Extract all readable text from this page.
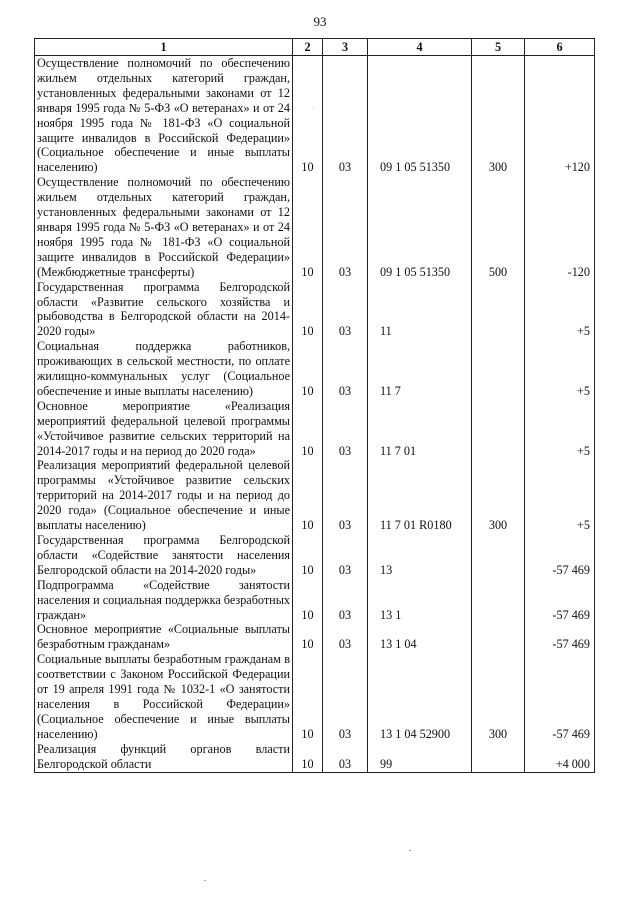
93
1	2	3	4	5	6
Осуществление полномочий по обеспечению жильем отдельных категорий граждан, установленных федеральными законами от 12 января 1995 года № 5-ФЗ «О ветеранах» и от 24 ноября 1995 года № 181-ФЗ «О социальной защите инвалидов в Российской Федерации» (Социальное обеспечение и иные выплаты населению)	10	03	09 1 05 51350	300	+120
Осуществление полномочий по обеспечению жильем отдельных категорий граждан, установленных федеральными законами от 12 января 1995 года № 5-ФЗ «О ветеранах» и от 24 ноября 1995 года № 181-ФЗ «О социальной защите инвалидов в Российской Федерации» (Межбюджетные трансферты)	10	03	09 1 05 51350	500	-120
Государственная программа Белгородской области «Развитие сельского хозяйства и рыбоводства в Белгородской области на 2014-2020 годы»	10	03	11		+5
Социальная поддержка работников, проживающих в сельской местности, по оплате жилищно-коммунальных услуг (Социальное обеспечение и иные выплаты населению)	10	03	11 7		+5
Основное мероприятие «Реализация мероприятий федеральной целевой программы «Устойчивое развитие сельских территорий на 2014-2017 годы и на период до 2020 года»	10	03	11 7 01		+5
Реализация мероприятий федеральной целевой программы «Устойчивое развитие сельских территорий на 2014-2017 годы и на период до 2020 года» (Социальное обеспечение и иные выплаты населению)	10	03	11 7 01 R0180	300	+5
Государственная программа Белгородской области «Содействие занятости населения Белгородской области на 2014-2020 годы»	10	03	13		-57 469
Подпрограмма «Содействие занятости населения и социальная поддержка безработных граждан»	10	03	13 1		-57 469
Основное мероприятие «Социальные выплаты безработным гражданам»	10	03	13 1 04		-57 469
Социальные выплаты безработным гражданам в соответствии с Законом Российской Федерации от 19 апреля 1991 года № 1032-1 «О занятости населения в Российской Федерации» (Социальное обеспечение и иные выплаты населению)	10	03	13 1 04 52900	300	-57 469
Реализация функций органов власти Белгородской области	10	03	99		+4 000
